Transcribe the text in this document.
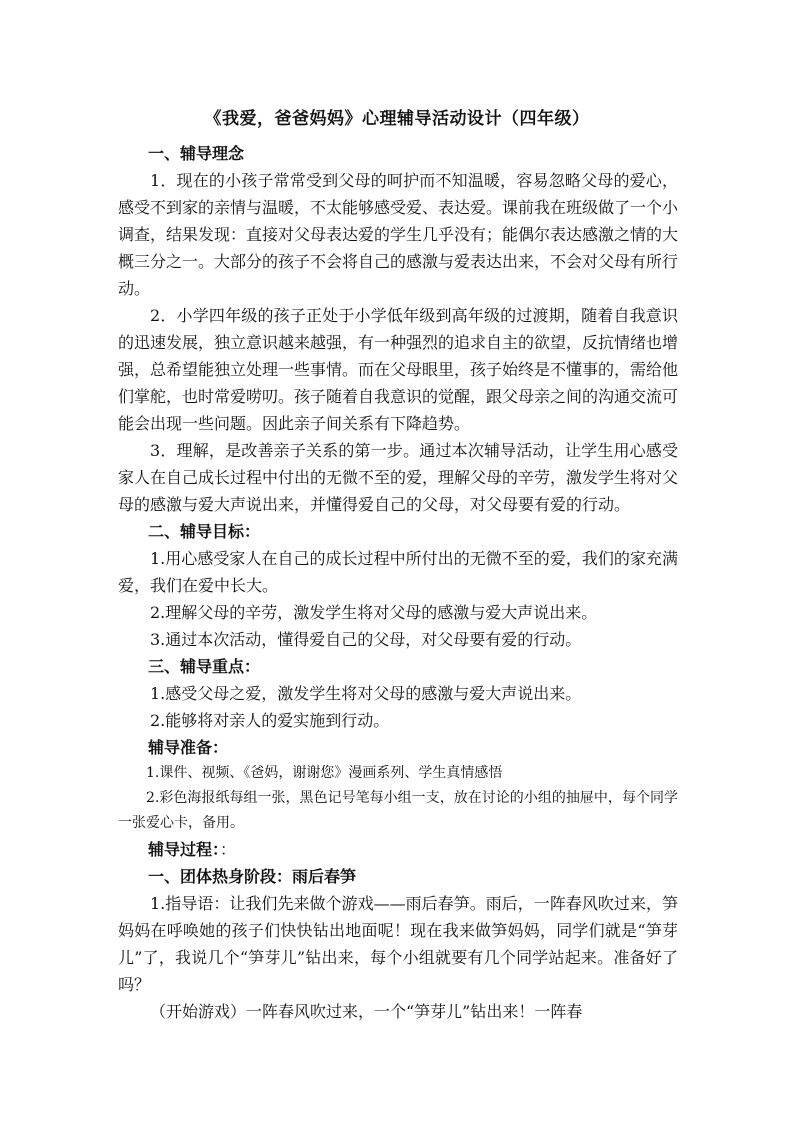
《我爱，爸爸妈妈》心理辅导活动设计（四年级）

一、辅导理念

1．现在的小孩子常常受到父母的呵护而不知温暖，容易忽略父母的爱心，感受不到家的亲情与温暖，不太能够感受爱、表达爱。课前我在班级做了一个小调查，结果发现：直接对父母表达爱的学生几乎没有；能偶尔表达感激之情的大概三分之一。大部分的孩子不会将自己的感激与爱表达出来，不会对父母有所行动。

2．小学四年级的孩子正处于小学低年级到高年级的过渡期，随着自我意识的迅速发展，独立意识越来越强，有一种强烈的追求自主的欲望，反抗情绪也增强，总希望能独立处理一些事情。而在父母眼里，孩子始终是不懂事的，需给他们掌舵，也时常爱唠叨。孩子随着自我意识的觉醒，跟父母亲之间的沟通交流可能会出现一些问题。因此亲子间关系有下降趋势。

3．理解，是改善亲子关系的第一步。通过本次辅导活动，让学生用心感受家人在自己成长过程中付出的无微不至的爱，理解父母的辛劳，激发学生将对父母的感激与爱大声说出来，并懂得爱自己的父母，对父母要有爱的行动。

二、辅导目标：

1.用心感受家人在自己的成长过程中所付出的无微不至的爱，我们的家充满爱，我们在爱中长大。

2.理解父母的辛劳，激发学生将对父母的感激与爱大声说出来。

3.通过本次活动，懂得爱自己的父母，对父母要有爱的行动。

三、辅导重点：

1.感受父母之爱，激发学生将对父母的感激与爱大声说出来。

2.能够将对亲人的爱实施到行动。

辅导准备：

1.课件、视频、《爸妈，谢谢您》漫画系列、学生真情感悟

2.彩色海报纸每组一张，黑色记号笔每小组一支，放在讨论的小组的抽屉中，每个同学一张爱心卡，备用。

辅导过程：：

一、团体热身阶段：雨后春笋

1.指导语：让我们先来做个游戏——雨后春笋。雨后，一阵春风吹过来，笋妈妈在呼唤她的孩子们快快钻出地面呢！现在我来做笋妈妈，同学们就是“笋芽儿”了，我说几个“笋芽儿”钻出来，每个小组就要有几个同学站起来。准备好了吗？

（开始游戏）一阵春风吹过来，一个“笋芽儿”钻出来！一阵春
